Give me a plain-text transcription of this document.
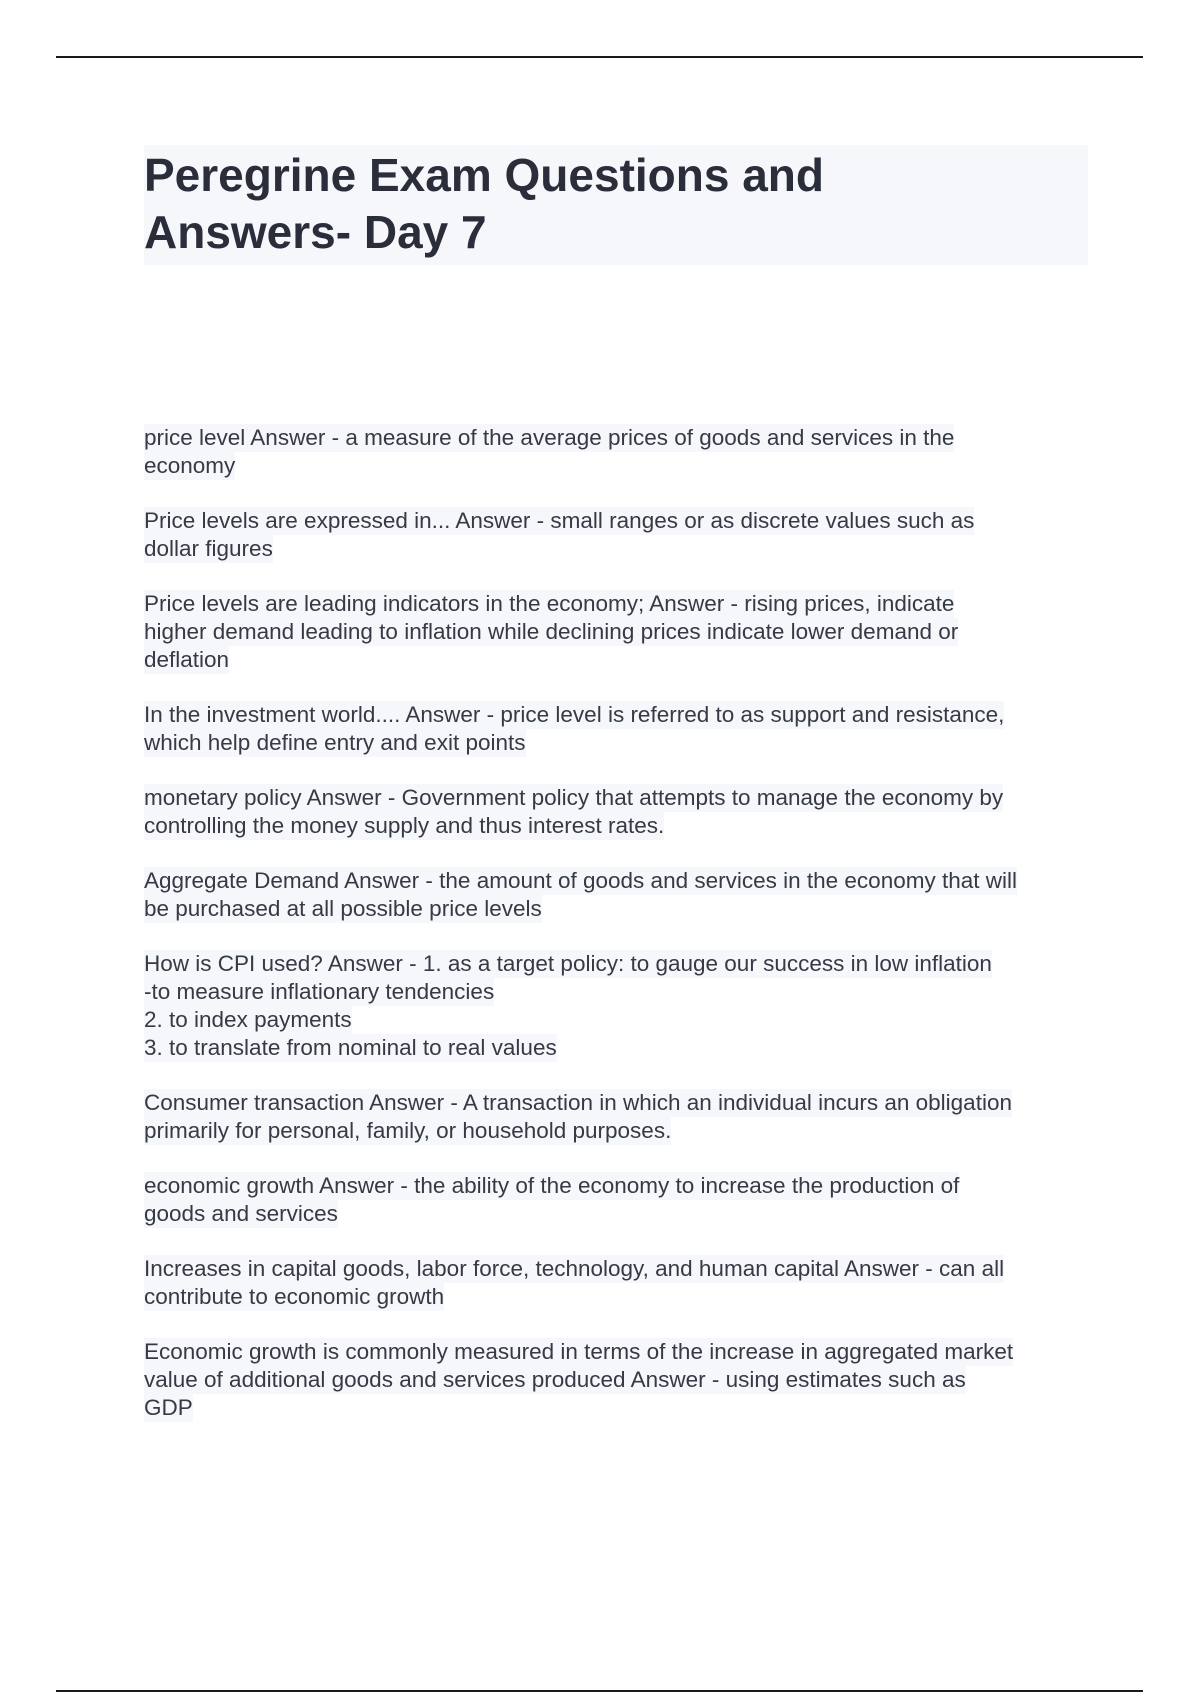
Peregrine Exam Questions and Answers- Day 7
price level Answer - a measure of the average prices of goods and services in the
economy
Price levels are expressed in... Answer - small ranges or as discrete values such as
dollar figures
Price levels are leading indicators in the economy; Answer - rising prices, indicate
higher demand leading to inflation while declining prices indicate lower demand or
deflation
In the investment world.... Answer - price level is referred to as support and resistance,
which help define entry and exit points
monetary policy Answer - Government policy that attempts to manage the economy by
controlling the money supply and thus interest rates.
Aggregate Demand Answer - the amount of goods and services in the economy that will
be purchased at all possible price levels
How is CPI used? Answer - 1. as a target policy: to gauge our success in low inflation
-to measure inflationary tendencies
2. to index payments
3. to translate from nominal to real values
Consumer transaction Answer - A transaction in which an individual incurs an obligation
primarily for personal, family, or household purposes.
economic growth Answer - the ability of the economy to increase the production of
goods and services
Increases in capital goods, labor force, technology, and human capital Answer - can all
contribute to economic growth
Economic growth is commonly measured in terms of the increase in aggregated market
value of additional goods and services produced Answer - using estimates such as
GDP
